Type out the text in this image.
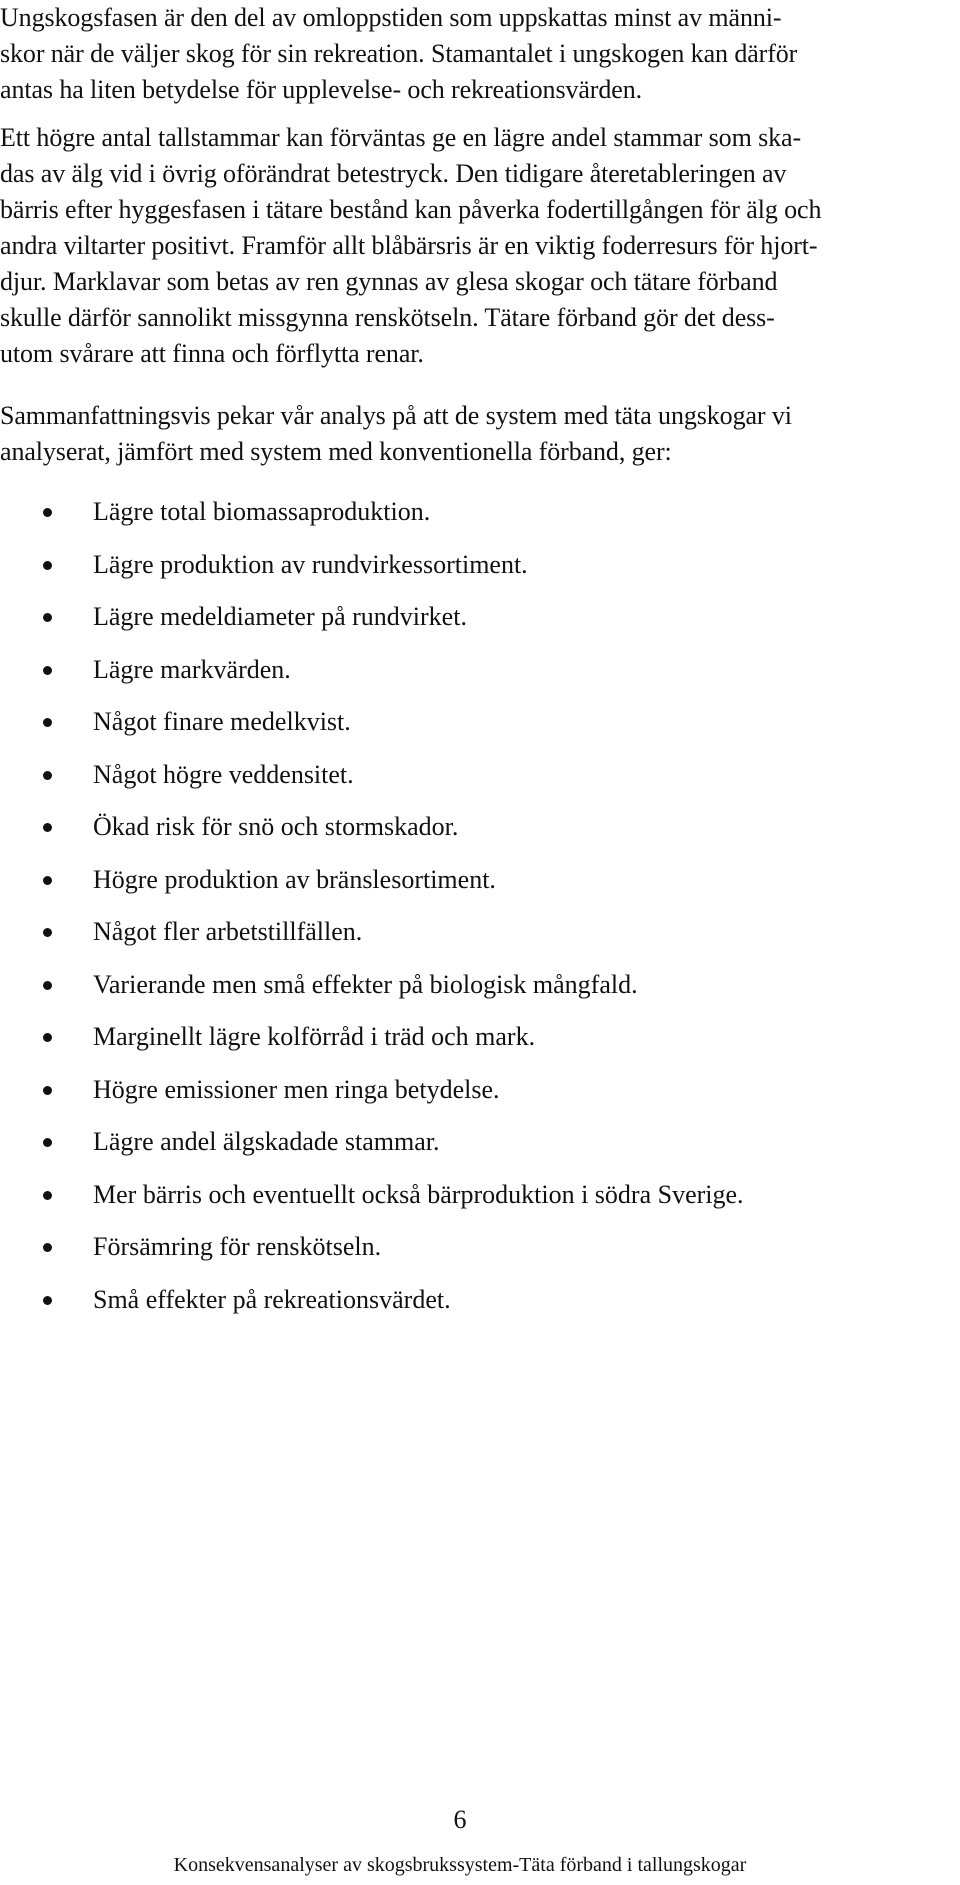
Ungskogsfasen är den del av omloppstiden som uppskattas minst av männi-
skor när de väljer skog för sin rekreation. Stamantalet i ungskogen kan därför
antas ha liten betydelse för upplevelse- och rekreationsvärden.
Ett högre antal tallstammar kan förväntas ge en lägre andel stammar som ska-
das av älg vid i övrig oförändrat betestryck. Den tidigare återetableringen av
bärris efter hyggesfasen i tätare bestånd kan påverka fodertillgången för älg och
andra viltarter positivt. Framför allt blåbärsris är en viktig foderresurs för hjort-
djur. Marklavar som betas av ren gynnas av glesa skogar och tätare förband
skulle därför sannolikt missgynna renskötseln. Tätare förband gör det dess-
utom svårare att finna och förflytta renar.
Sammanfattningsvis pekar vår analys på att de system med täta ungskogar vi
analyserat, jämfört med system med konventionella förband, ger:
Lägre total biomassaproduktion.
Lägre produktion av rundvirkessortiment.
Lägre medeldiameter på rundvirket.
Lägre markvärden.
Något finare medelkvist.
Något högre veddensitet.
Ökad risk för snö och stormskador.
Högre produktion av bränslesortiment.
Något fler arbetstillfällen.
Varierande men små effekter på biologisk mångfald.
Marginellt lägre kolförråd i träd och mark.
Högre emissioner men ringa betydelse.
Lägre andel älgskadade stammar.
Mer bärris och eventuellt också bärproduktion i södra Sverige.
Försämring för renskötseln.
Små effekter på rekreationsvärdet.
6
Konsekvensanalyser av skogsbrukssystem-Täta förband i tallungskogar
